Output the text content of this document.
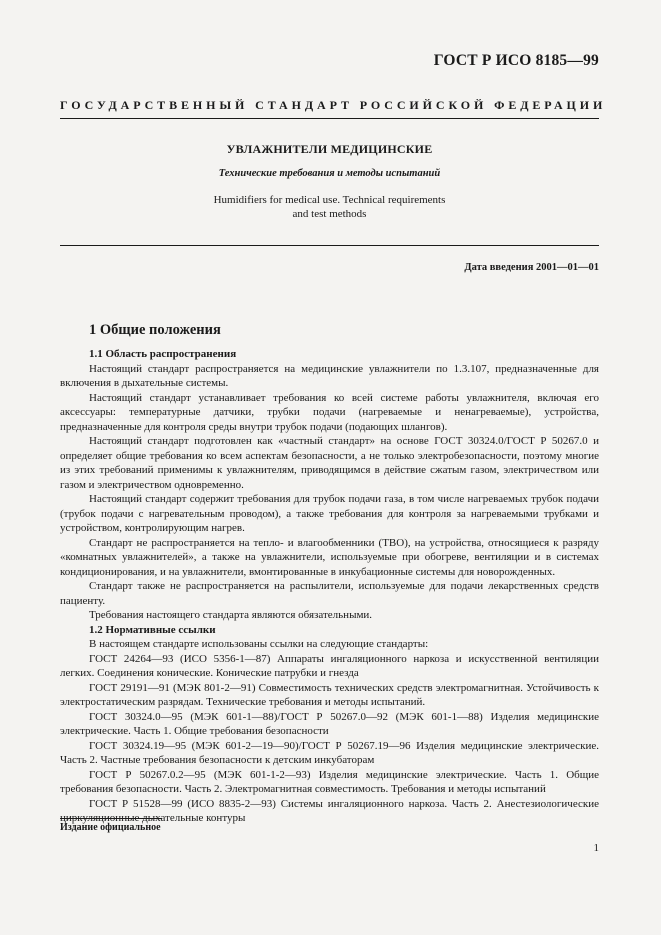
ГОСТ Р ИСО 8185—99
ГОСУДАРСТВЕННЫЙ СТАНДАРТ РОССИЙСКОЙ ФЕДЕРАЦИИ
УВЛАЖНИТЕЛИ МЕДИЦИНСКИЕ
Технические требования и методы испытаний
Humidifiers for medical use. Technical requirements
and test methods
Дата введения 2001—01—01
1 Общие положения

1.1 Область распространения

Настоящий стандарт распространяется на медицинские увлажнители по 1.3.107, предназначенные для включения в дыхательные системы.

Настоящий стандарт устанавливает требования ко всей системе работы увлажнителя, включая его аксессуары: температурные датчики, трубки подачи (нагреваемые и ненагреваемые), устройства, предназначенные для контроля среды внутри трубок подачи (подающих шлангов).

Настоящий стандарт подготовлен как «частный стандарт» на основе ГОСТ 30324.0/ГОСТ Р 50267.0 и определяет общие требования ко всем аспектам безопасности, а не только электробезопасности, поэтому многие из этих требований применимы к увлажнителям, приводящимся в действие сжатым газом, электричеством или газом и электричеством одновременно.

Настоящий стандарт содержит требования для трубок подачи газа, в том числе нагреваемых трубок подачи (трубок подачи с нагревательным проводом), а также требования для контроля за нагреваемыми трубками и устройством, контролирующим нагрев.

Стандарт не распространяется на тепло- и влагообменники (ТВО), на устройства, относящиеся к разряду «комнатных увлажнителей», а также на увлажнители, используемые при обогреве, вентиляции и в системах кондиционирования, и на увлажнители, вмонтированные в инкубационные системы для новорожденных.

Стандарт также не распространяется на распылители, используемые для подачи лекарственных средств пациенту.

Требования настоящего стандарта являются обязательными.

1.2 Нормативные ссылки

В настоящем стандарте использованы ссылки на следующие стандарты:

ГОСТ 24264—93 (ИСО 5356-1—87) Аппараты ингаляционного наркоза и искусственной вентиляции легких. Соединения конические. Конические патрубки и гнезда

ГОСТ 29191—91 (МЭК 801-2—91) Совместимость технических средств электромагнитная. Устойчивость к электростатическим разрядам. Технические требования и методы испытаний.

ГОСТ 30324.0—95 (МЭК 601-1—88)/ГОСТ Р 50267.0—92 (МЭК 601-1—88) Изделия медицинские электрические. Часть 1. Общие требования безопасности

ГОСТ 30324.19—95 (МЭК 601-2—19—90)/ГОСТ Р 50267.19—96 Изделия медицинские электрические. Часть 2. Частные требования безопасности к детским инкубаторам

ГОСТ Р 50267.0.2—95 (МЭК 601-1-2—93) Изделия медицинские электрические. Часть 1. Общие требования безопасности. Часть 2. Электромагнитная совместимость. Требования и методы испытаний

ГОСТ Р 51528—99 (ИСО 8835-2—93) Системы ингаляционного наркоза. Часть 2. Анестезиологические циркуляционные дыхательные контуры

Издание официальное
1
